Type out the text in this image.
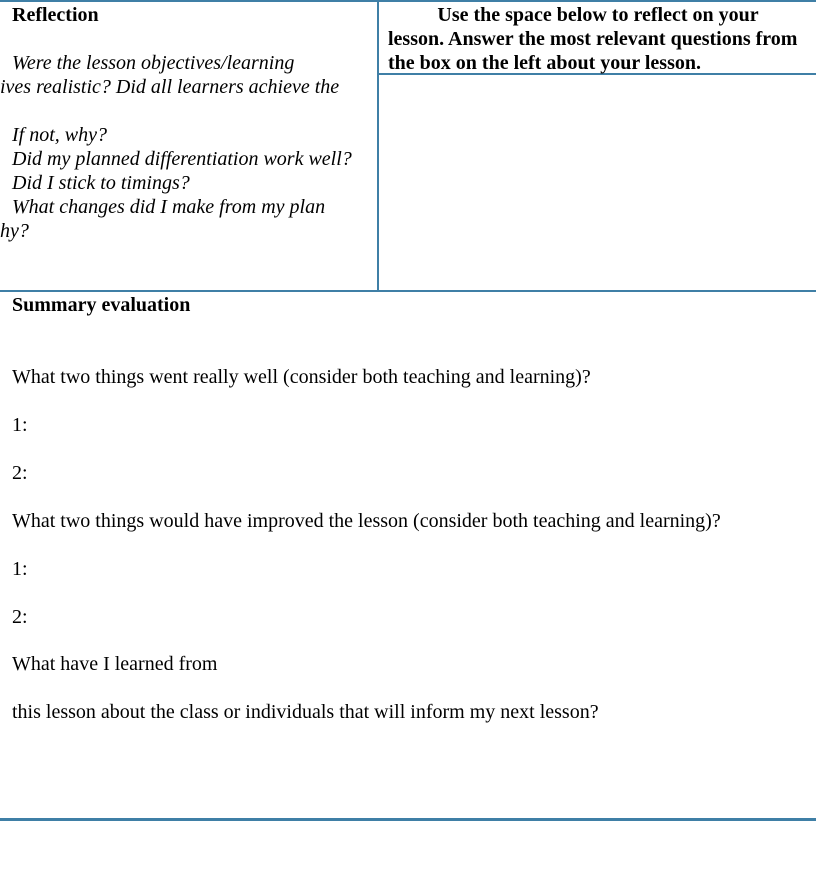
Reflection
Were the lesson objectives/learning
ives realistic? Did all learners achieve the
If not, why?
Did my planned differentiation work well?
Did I stick to timings?
What changes did I make from my plan
hy?
Use the space below to reflect on your
lesson. Answer the most relevant questions from
the box on the left about your lesson.
Summary evaluation
What two things went really well (consider both teaching and learning)?
1:
2:
What two things would have improved the lesson (consider both teaching and learning)?
1:
2:
What have I learned from
this lesson about the class or individuals that will inform my next lesson?
